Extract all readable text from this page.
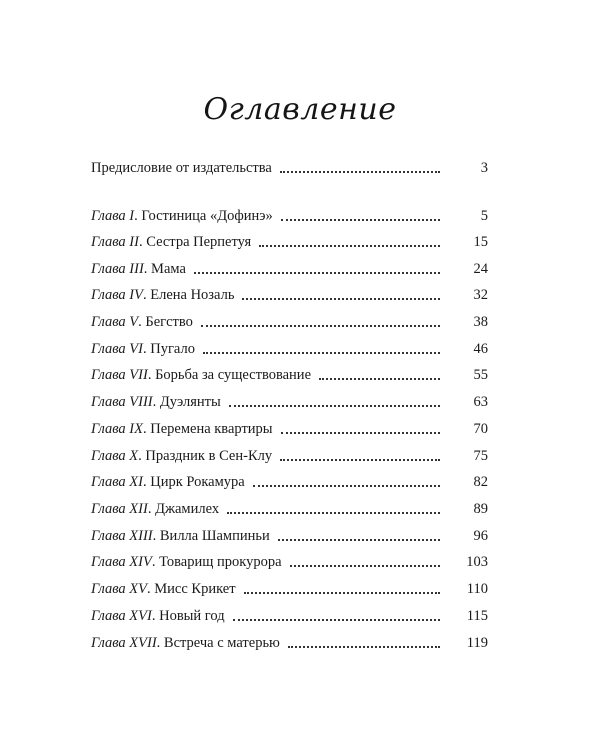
Оглавление
Предисловие от издательства	3
Глава I. Гостиница «Дофинэ»	5
Глава II. Сестра Перпетуя	15
Глава III. Мама	24
Глава IV. Елена Нозаль	32
Глава V. Бегство	38
Глава VI. Пугало	46
Глава VII. Борьба за существование	55
Глава VIII. Дуэлянты	63
Глава IX. Перемена квартиры	70
Глава X. Праздник в Сен-Клу	75
Глава XI. Цирк Рокамура	82
Глава XII. Джамилех	89
Глава XIII. Вилла Шампиньи	96
Глава XIV. Товарищ прокурора	103
Глава XV. Мисс Крикет	110
Глава XVI. Новый год	115
Глава XVII. Встреча с матерью	119
